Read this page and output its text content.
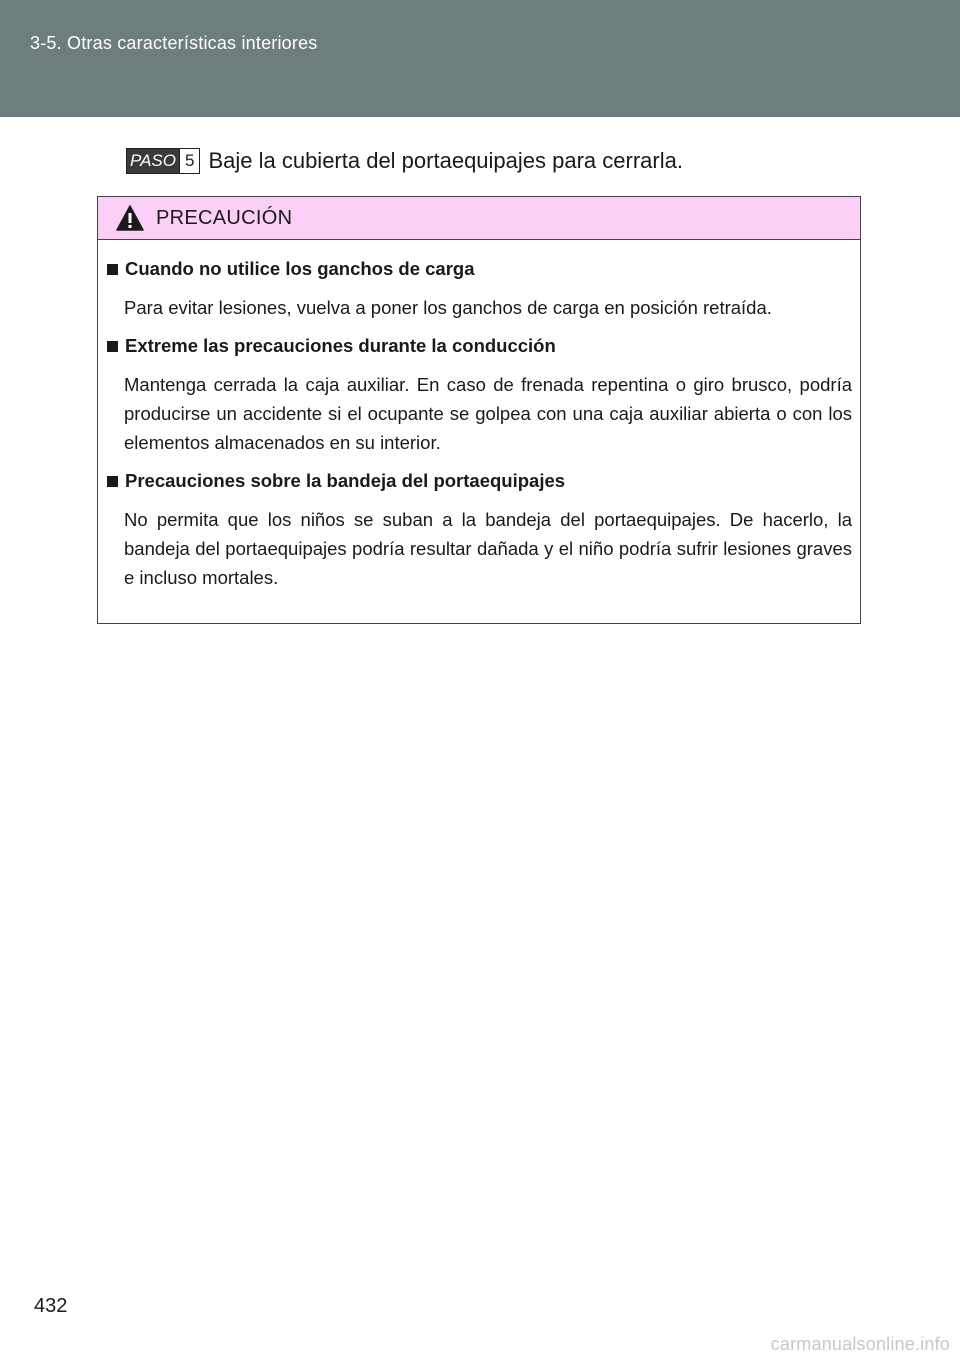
3-5. Otras características interiores
PASO 5 Baje la cubierta del portaequipajes para cerrarla.
PRECAUCIÓN
Cuando no utilice los ganchos de carga
Para evitar lesiones, vuelva a poner los ganchos de carga en posición retraída.
Extreme las precauciones durante la conducción
Mantenga cerrada la caja auxiliar. En caso de frenada repentina o giro brusco, podría producirse un accidente si el ocupante se golpea con una caja auxiliar abierta o con los elementos almacenados en su interior.
Precauciones sobre la bandeja del portaequipajes
No permita que los niños se suban a la bandeja del portaequipajes. De hacerlo, la bandeja del portaequipajes podría resultar dañada y el niño podría sufrir lesiones graves e incluso mortales.
432
carmanualsonline.info
